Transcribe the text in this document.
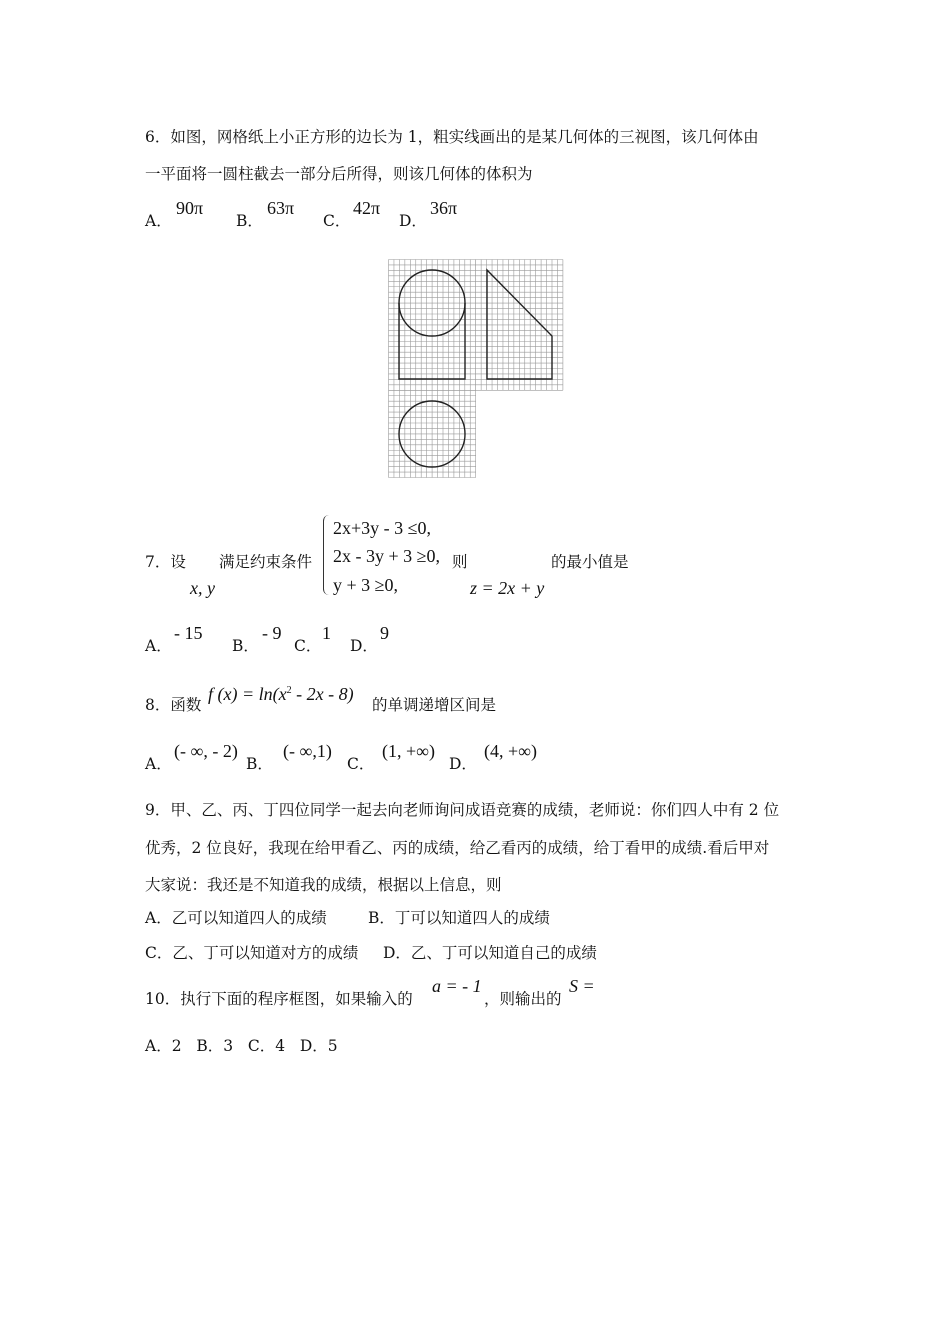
6．如图，网格纸上小正方形的边长为 1，粗实线画出的是某几何体的三视图，该几何体由
一平面将一圆柱截去一部分后所得，则该几何体的体积为
A．
90π
B．
63π
C．
42π
D．
36π
7．设
x, y
满足约束条件
2x+3y - 3 ≤0,
2x - 3y + 3 ≥0,
y + 3 ≥0,
则
z = 2x + y
的最小值是
A．
- 15
B．
- 9
C．
1
D．
9
8．函数
f $(x) = \ln(x^2 - 2x - 8)$
的单调递增区间是
A．
(- ∞, - 2)
B．
(- ∞,1)
C．
(1, +∞)
D．
(4, +∞)
9．甲、乙、丙、丁四位同学一起去向老师询问成语竞赛的成绩，老师说：你们四人中有 2 位
优秀，2 位良好，我现在给甲看乙、丙的成绩，给乙看丙的成绩，给丁看甲的成绩.看后甲对
大家说：我还是不知道我的成绩，根据以上信息，则
A．乙可以知道四人的成绩	B．丁可以知道四人的成绩
C．乙、丁可以知道对方的成绩 D．乙、丁可以知道自己的成绩
10．执行下面的程序框图，如果输入的
a = - 1
，则输出的
S =
A．2   B．3   C．4   D．5
